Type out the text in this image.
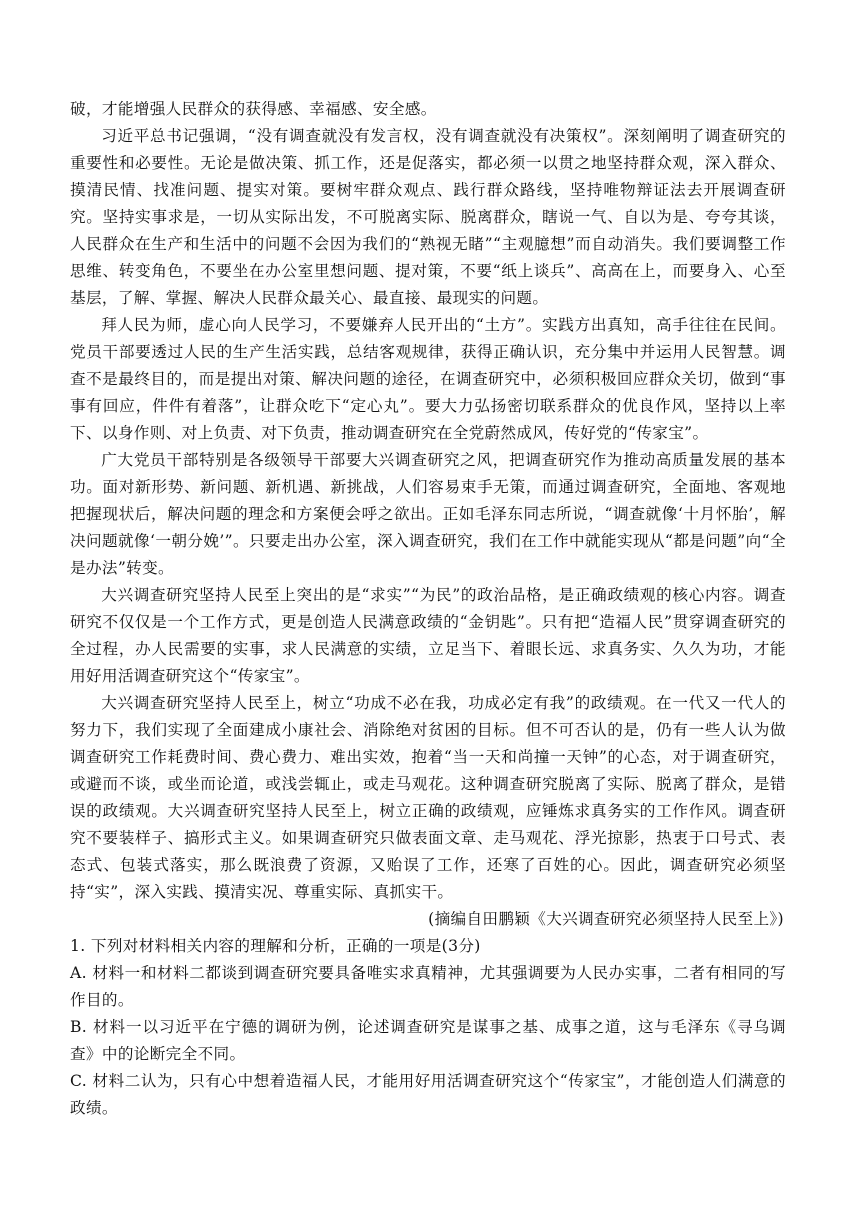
破，才能增强人民群众的获得感、幸福感、安全感。

习近平总书记强调，“没有调查就没有发言权，没有调查就没有决策权”。深刻阐明了调查研究的重要性和必要性。无论是做决策、抓工作，还是促落实，都必须一以贯之地坚持群众观，深入群众、摸清民情、找准问题、提实对策。要树牢群众观点、践行群众路线，坚持唯物辩证法去开展调查研究。坚持实事求是，一切从实际出发，不可脱离实际、脱离群众，瞎说一气、自以为是、夸夸其谈，人民群众在生产和生活中的问题不会因为我们的“熟视无睹”“主观臆想”而自动消失。我们要调整工作思维、转变角色，不要坐在办公室里想问题、提对策，不要“纸上谈兵”、高高在上，而要身入、心至基层，了解、掌握、解决人民群众最关心、最直接、最现实的问题。

拜人民为师，虚心向人民学习，不要嫌弃人民开出的“土方”。实践方出真知，高手往往在民间。党员干部要透过人民的生产生活实践，总结客观规律，获得正确认识，充分集中并运用人民智慧。调查不是最终目的，而是提出对策、解决问题的途径，在调查研究中，必须积极回应群众关切，做到“事事有回应，件件有着落”，让群众吃下“定心丸”。要大力弘扬密切联系群众的优良作风，坚持以上率下、以身作则、对上负责、对下负责，推动调查研究在全党蔚然成风，传好党的“传家宝”。

广大党员干部特别是各级领导干部要大兴调查研究之风，把调查研究作为推动高质量发展的基本功。面对新形势、新问题、新机遇、新挑战，人们容易束手无策，而通过调查研究，全面地、客观地把握现状后，解决问题的理念和方案便会呼之欲出。正如毛泽东同志所说，“调查就像‘十月怀胎’，解决问题就像‘一朝分娩’”。只要走出办公室，深入调查研究，我们在工作中就能实现从“都是问题”向“全是办法”转变。

大兴调查研究坚持人民至上突出的是“求实”“为民”的政治品格，是正确政绩观的核心内容。调查研究不仅仅是一个工作方式，更是创造人民满意政绩的“金钥匙”。只有把“造福人民”贯穿调查研究的全过程，办人民需要的实事，求人民满意的实绩，立足当下、着眼长远、求真务实、久久为功，才能用好用活调查研究这个“传家宝”。

大兴调查研究坚持人民至上，树立“功成不必在我，功成必定有我”的政绩观。在一代又一代人的努力下，我们实现了全面建成小康社会、消除绝对贫困的目标。但不可否认的是，仍有一些人认为做调查研究工作耗费时间、费心费力、难出实效，抱着“当一天和尚撞一天钟”的心态，对于调查研究，或避而不谈，或坐而论道，或浅尝辄止，或走马观花。这种调查研究脱离了实际、脱离了群众，是错误的政绩观。大兴调查研究坚持人民至上，树立正确的政绩观，应锤炼求真务实的工作作风。调查研究不要装样子、搞形式主义。如果调查研究只做表面文章、走马观花、浮光掠影，热衷于口号式、表态式、包装式落实，那么既浪费了资源，又贻误了工作，还寒了百姓的心。因此，调查研究必须坚持“实”，深入实践、摸清实况、尊重实际、真抓实干。

(摘编自田鹏颖《大兴调查研究必须坚持人民至上》)

1. 下列对材料相关内容的理解和分析，正确的一项是(3分)

A. 材料一和材料二都谈到调查研究要具备唯实求真精神，尤其强调要为人民办实事，二者有相同的写作目的。

B. 材料一以习近平在宁德的调研为例，论述调查研究是谋事之基、成事之道，这与毛泽东《寻乌调查》中的论断完全不同。

C. 材料二认为，只有心中想着造福人民，才能用好用活调查研究这个“传家宝”，才能创造人们满意的政绩。
